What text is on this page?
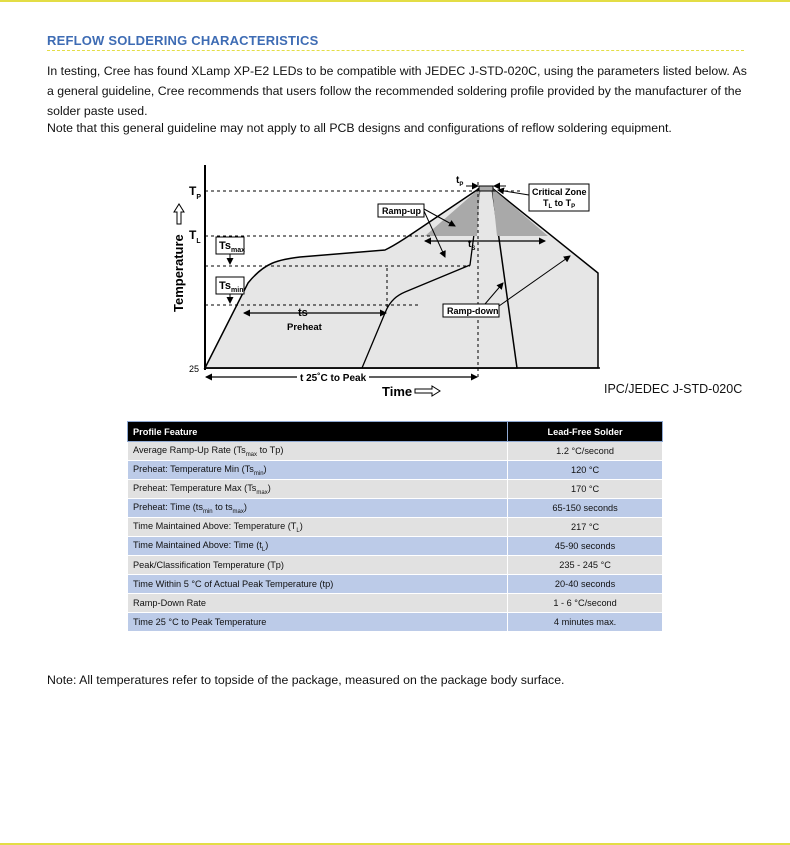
REFLOW SOLDERING CHARACTERISTICS

In testing, Cree has found XLamp XP-E2 LEDs to be compatible with JEDEC J-STD-020C, using the parameters listed below. As a general guideline, Cree recommends that users follow the recommended soldering profile provided by the manufacturer of the solder paste used.

Note that this general guideline may not apply to all PCB designs and configurations of reflow soldering equipment.

Temperature
$T_P$
$T_L$
25
$Ts_{max}$
$Ts_{min}$
ts
Preheat
$t_S$
$t_P$
Ramp-up
Critical Zone
$T_L$ to $T_P$
Ramp-down
t 25˚C to Peak
Time	IPC/JEDEC J-STD-020C
Profile Feature	Lead-Free Solder
Average Ramp-Up Rate ($Ts_{max}$ to Tp)	1.2 °C/second
Preheat: Temperature Min $(Ts_{min})$	120 °C
Preheat: Temperature Max $(Ts_{max})$	170 °C
Preheat: Time ($ts_{min}$ to $ts_{max}$)	65-150 seconds
Time Maintained Above: Temperature $(T_L)$	217 °C
Time Maintained Above: Time $(t_L)$	45-90 seconds
Peak/Classification Temperature (Tp)	235 - 245 °C
Time Within 5 °C of Actual Peak Temperature (tp)	20-40 seconds
Ramp-Down Rate	1 - 6 °C/second
Time 25 °C to Peak Temperature	4 minutes max.

Note: All temperatures refer to topside of the package, measured on the package body surface.
